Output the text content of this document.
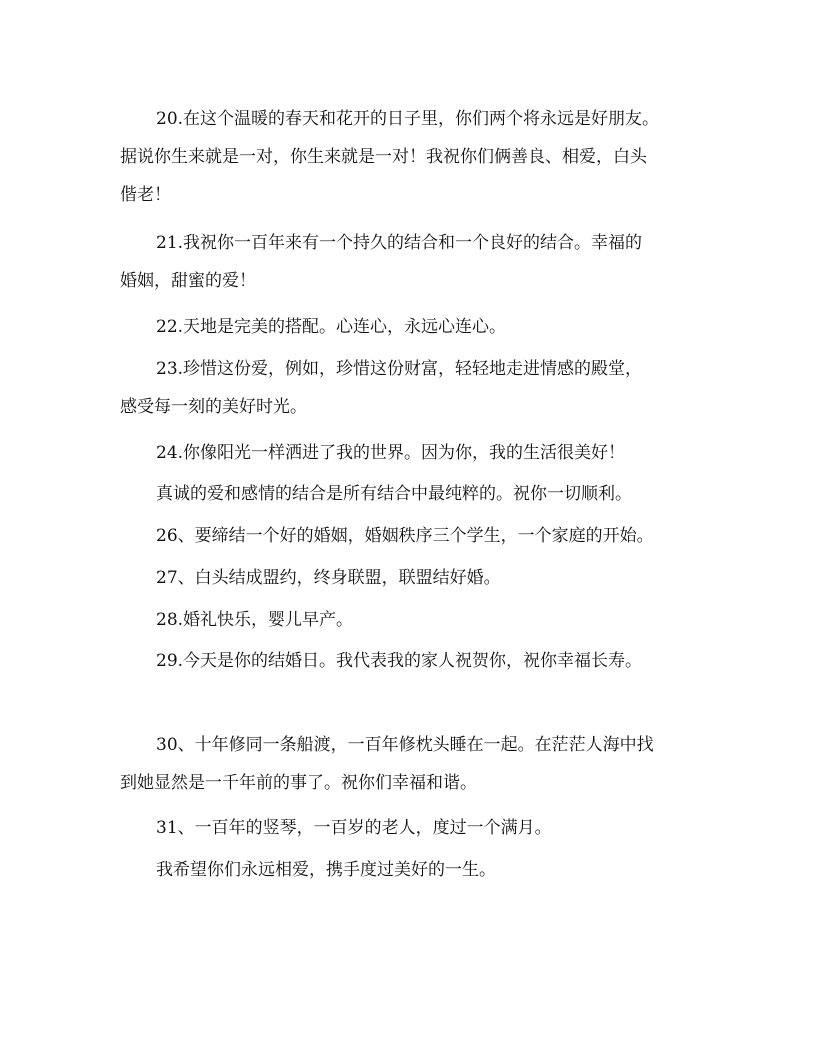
20.在这个温暖的春天和花开的日子里，你们两个将永远是好朋友。
据说你生来就是一对，你生来就是一对！我祝你们俩善良、相爱，白头
偕老！

21.我祝你一百年来有一个持久的结合和一个良好的结合。幸福的
婚姻，甜蜜的爱！

22.天地是完美的搭配。心连心，永远心连心。

23.珍惜这份爱，例如，珍惜这份财富，轻轻地走进情感的殿堂，
感受每一刻的美好时光。

24.你像阳光一样洒进了我的世界。因为你，我的生活很美好！

真诚的爱和感情的结合是所有结合中最纯粹的。祝你一切顺利。

26、要缔结一个好的婚姻，婚姻秩序三个学生，一个家庭的开始。

27、白头结成盟约，终身联盟，联盟结好婚。

28.婚礼快乐，婴儿早产。

29.今天是你的结婚日。我代表我的家人祝贺你，祝你幸福长寿。

30、十年修同一条船渡，一百年修枕头睡在一起。在茫茫人海中找
到她显然是一千年前的事了。祝你们幸福和谐。

31、一百年的竖琴，一百岁的老人，度过一个满月。

我希望你们永远相爱，携手度过美好的一生。
